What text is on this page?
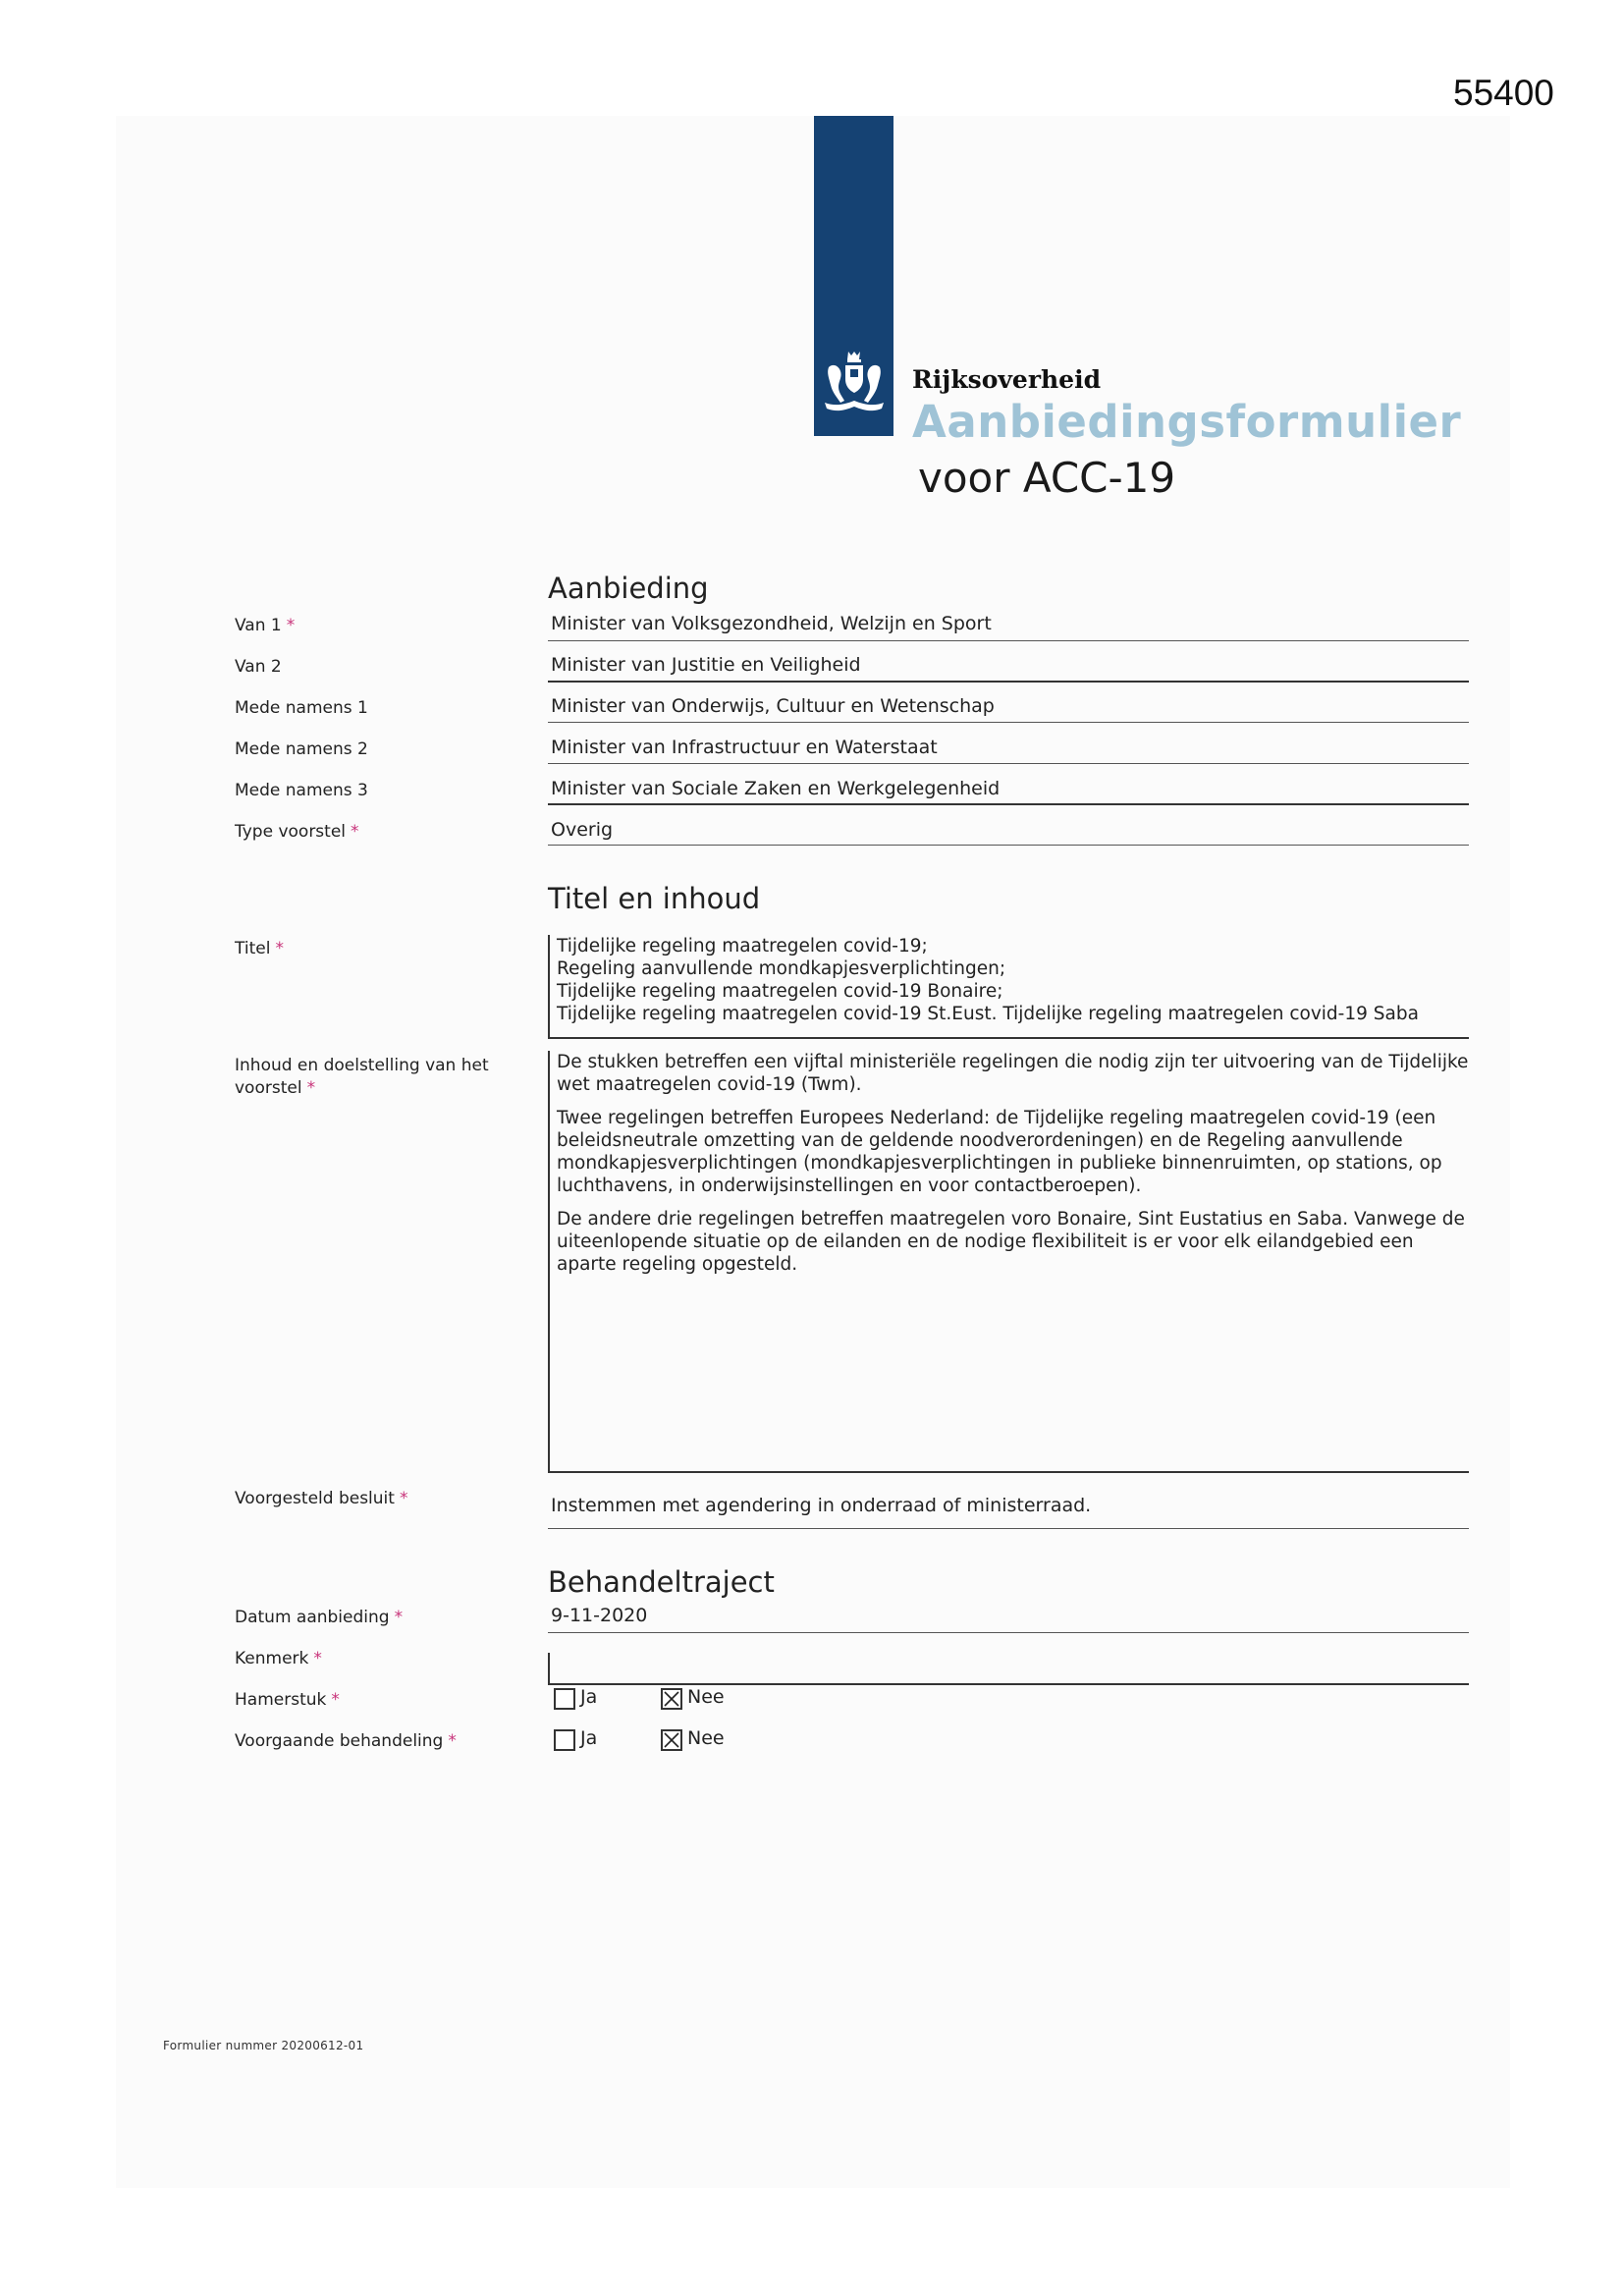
55400
Rijksoverheid
Aanbiedingsformulier
voor ACC-19
Aanbieding
Van 1 *	Minister van Volksgezondheid, Welzijn en Sport
Van 2	Minister van Justitie en Veiligheid
Mede namens 1	Minister van Onderwijs, Cultuur en Wetenschap
Mede namens 2	Minister van Infrastructuur en Waterstaat
Mede namens 3	Minister van Sociale Zaken en Werkgelegenheid
Type voorstel *	Overig
Titel en inhoud
Titel *	Tijdelijke regeling maatregelen covid-19;
Regeling aanvullende mondkapjesverplichtingen;
Tijdelijke regeling maatregelen covid-19 Bonaire;
Tijdelijke regeling maatregelen covid-19 St.Eust. Tijdelijke regeling maatregelen covid-19 Saba
Inhoud en doelstelling van het
voorstel *

De stukken betreffen een vijftal ministeriële regelingen die nodig zijn ter uitvoering van de Tijdelijke wet maatregelen covid-19 (Twm).

Twee regelingen betreffen Europees Nederland: de Tijdelijke regeling maatregelen covid-19 (een beleidsneutrale omzetting van de geldende noodverordeningen) en de Regeling aanvullende mondkapjesverplichtingen (mondkapjesverplichtingen in publieke binnenruimten, op stations, op luchthavens, in onderwijsinstellingen en voor contactberoepen).

De andere drie regelingen betreffen maatregelen voro Bonaire, Sint Eustatius en Saba. Vanwege de uiteenlopende situatie op de eilanden en de nodige flexibiliteit is er voor elk eilandgebied een aparte regeling opgesteld.

Voorgesteld besluit *	Instemmen met agendering in onderraad of ministerraad.
Behandeltraject
Datum aanbieding *	9-11-2020
Kenmerk *
Hamerstuk *	Ja	Nee
Voorgaande behandeling *	Ja	Nee
Formulier nummer 20200612-01
